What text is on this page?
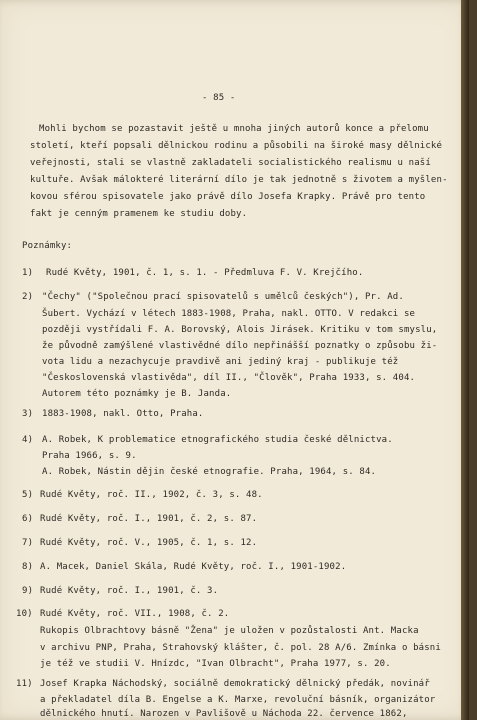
- 85 -
Mohli bychom se pozastavit ještě u mnoha jiných autorů konce a přelomu
století, kteří popsali dělnickou rodinu a působili na široké masy dělnické
veřejnosti, stali se vlastně zakladateli socialistického realismu u naší
kultuře. Avšak málokteré literární dílo je tak jednotně s životem a myšlen-
kovou sférou spisovatele jako právě dílo Josefa Krapky. Právě pro tento
fakt je cenným pramenem ke studiu doby.
Poznámky:
1) Rudé Květy, 1901, č. 1, s. 1. - Předmluva F. V. Krejčího.
2) "Čechy" ("Společnou prací spisovatelů s umělců českých"), Pr. Ad.
Šubert. Vychází v létech 1883-1908, Praha, nakl. OTTO. V redakci se
později vystřídali F. A. Borovský, Alois Jirásek. Kritiku v tom smyslu,
že původně zamýšlené vlastivědné dílo nepřinášší poznatky o způsobu ži-
vota lidu a nezachycuje pravdivě ani jediný kraj - publikuje též
"Československá vlastivěda", díl II., "Člověk", Praha 1933, s. 404.
Autorem této poznámky je B. Janda.
3) 1883-1908, nakl. Otto, Praha.
4) A. Robek, K problematice etnografického studia české dělnictva.
Praha 1966, s. 9.
A. Robek, Nástin dějin české etnografie. Praha, 1964, s. 84.
5) Rudé Květy, roč. II., 1902, č. 3, s. 48.
6) Rudé Květy, roč. I., 1901, č. 2, s. 87.
7) Rudé Květy, roč. V., 1905, č. 1, s. 12.
8) A. Macek, Daniel Skála, Rudé Květy, roč. I., 1901-1902.
9) Rudé Květy, roč. I., 1901, č. 3.
10) Rudé Květy, roč. VII., 1908, č. 2.
Rukopis Olbrachtovy básně "Žena" je uložen v pozůstalosti Ant. Macka
v archivu PNP, Praha, Strahovský klášter, č. pol. 28 A/6. Zmínka o básni
je též ve studii V. Hnízdc, "Ivan Olbracht", Praha 1977, s. 20.
11) Josef Krapka Náchodský, sociálně demokratický dělnický předák, novinář
a překladatel díla B. Engelse a K. Marxe, revoluční básník, organizátor
dělnického hnutí. Narozen v Pavlišově u Náchoda 22. července 1862,
